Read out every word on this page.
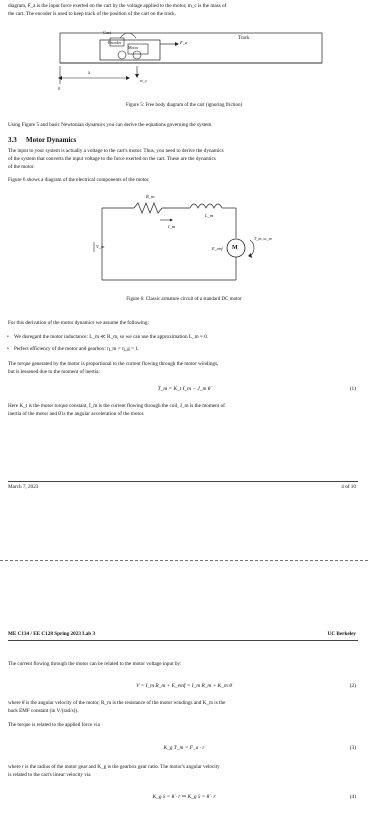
diagram, F_a is the input force exerted on the cart by the voltage applied to the motor, m_c is the mass of
the cart. The encoder is used to keep track of the position of the cart on the track.
Cart
Encoder
Motor
Track
F_a
x
0
w_c
Figure 5: Free body diagram of the cart (ignoring friction)
Using Figure 5 and basic Newtonian dynamics you can derive the equations governing the system.
3.3 Motor Dynamics
The input to your system is actually a voltage to the cart's motor. Thus, you need to derive the dynamics
of the system that converts the input voltage to the force exerted on the cart. These are the dynamics
of the motor.
Figure 6 shows a diagram of the electrical components of the motor.
R_m
L_m
I_m
V_m	E_emf M
T_m, ω_m
Figure 6: Classic armature circuit of a standard DC motor
For this derivation of the motor dynamics we assume the following:
• We disregard the motor inductance: L_m ≪ R_m, so we can use the approximation L_m ≈ 0.
• Perfect efficiency of the motor and gearbox: η_m = η_g = 1.
The torque generated by the motor is proportional to the current flowing through the motor windings,
but is lessened due to the moment of inertia:
T_m = K_t I_m − J_m θ̈	(1)
Here K_t is the motor torque constant, I_m is the current flowing through the coil, J_m is the moment of
inertia of the motor and θ̈ is the angular acceleration of the motor.
March 7, 2023	4 of 10
ME C134 / EE C128 Spring 2023 Lab 3	UC Berkeley
The current flowing through the motor can be related to the motor voltage input by:
V = I_m R_m + E_emf = I_m R_m + K_m θ̇	(2)
where θ̇ is the angular velocity of the motor, R_m is the resistance of the motor windings and K_m is the
back EMF constant (in V/(rad/s)).
The torque is related to the applied force via
K_g T_m = F_a · r	(3)
where r is the radius of the motor gear and K_g is the gearbox gear ratio. The motor's angular velocity
is related to the cart's linear velocity via
K_g ẋ = θ̇ · r ⇒ K_g ẍ = θ̈ · r	(4)
